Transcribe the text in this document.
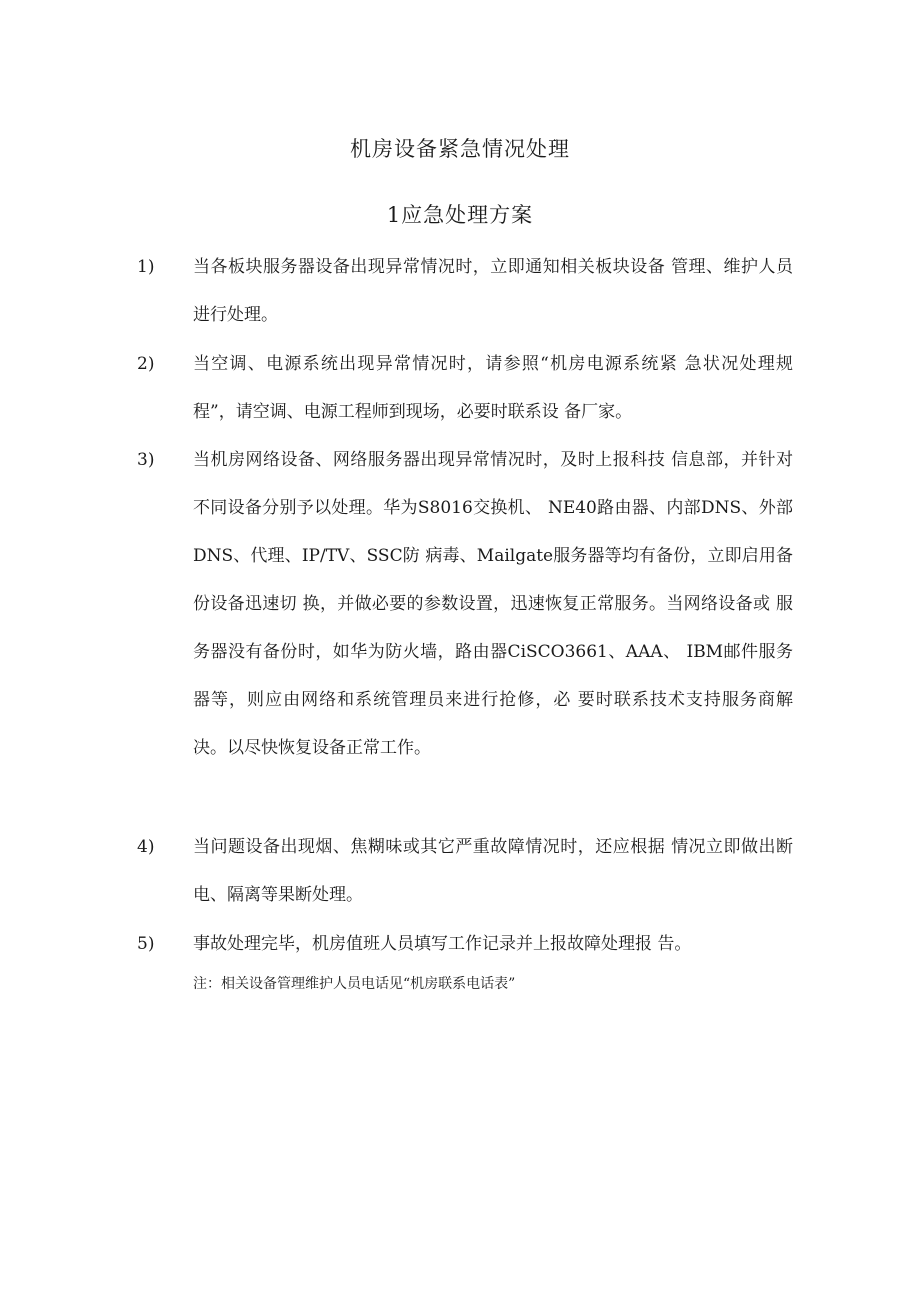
机房设备紧急情况处理
1应急处理方案
1) 当各板块服务器设备出现异常情况时，立即通知相关板块设备 管理、维护人员进行处理。
2) 当空调、电源系统出现异常情况时，请参照“机房电源系统紧 急状况处理规程”，请空调、电源工程师到现场，必要时联系设 备厂家。
3) 当机房网络设备、网络服务器出现异常情况时，及时上报科技 信息部，并针对不同设备分别予以处理。华为S8016交换机、 NE40路由器、内部DNS、外部DNS、代理、IP/TV、SSC防 病毒、Mailgate服务器等均有备份，立即启用备份设备迅速切 换，并做必要的参数设置，迅速恢复正常服务。当网络设备或 服务器没有备份时，如华为防火墙，路由器CiSCO3661、AAA、 IBM邮件服务器等，则应由网络和系统管理员来进行抢修，必 要时联系技术支持服务商解决。以尽快恢复设备正常工作。
4) 当问题设备出现烟、焦糊味或其它严重故障情况时，还应根据 情况立即做出断电、隔离等果断处理。
5) 事故处理完毕，机房值班人员填写工作记录并上报故障处理报 告。
注：相关设备管理维护人员电话见“机房联系电话表”
